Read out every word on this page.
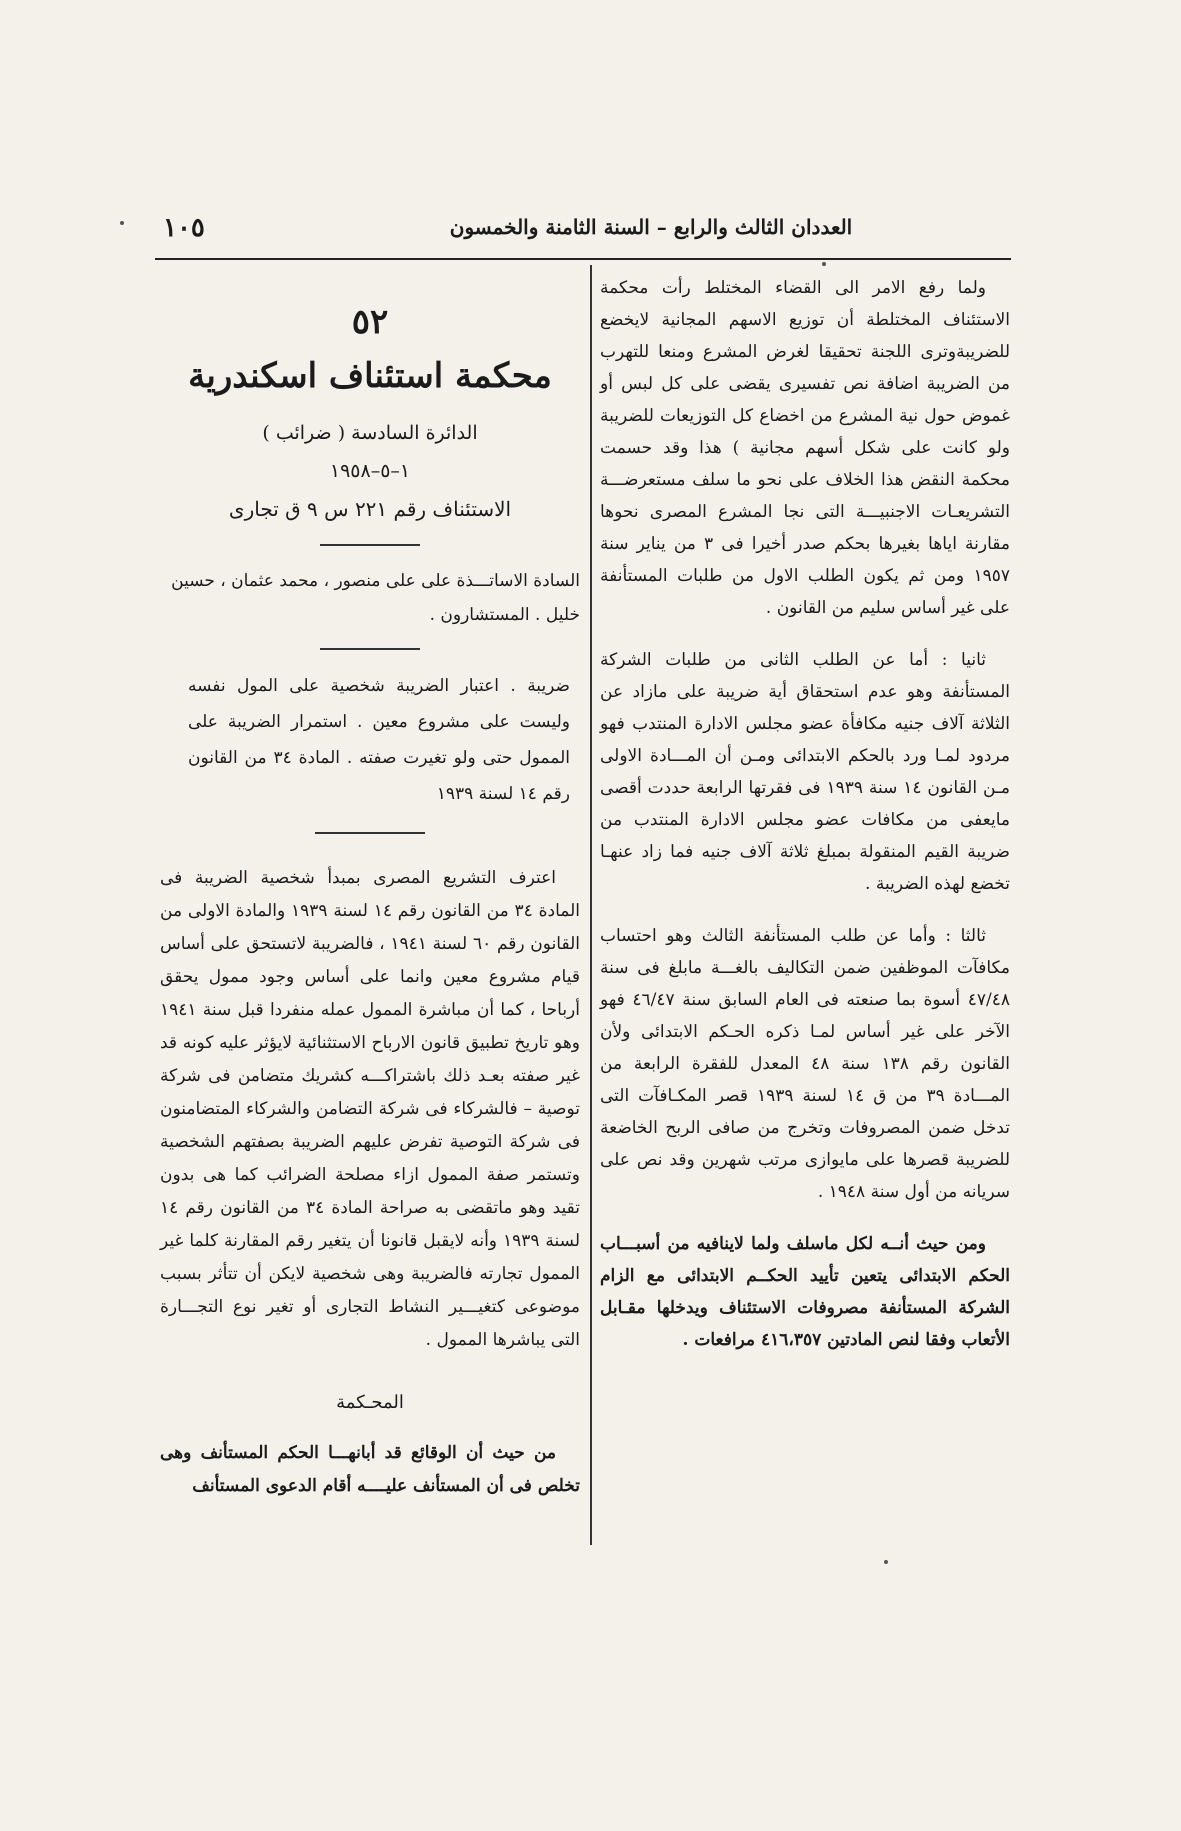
العددان الثالث والرابع – السنة الثامنة والخمسون
١٠٥

ولما رفع الامر الى القضاء المختلط رأت محكمة الاستئناف المختلطة أن توزيع الاسهم المجانية لايخضع للضريبةوترى اللجنة تحقيقا لغرض المشرع ومنعا للتهرب من الضريبة اضافة نص تفسيرى يقضى على كل لبس أو غموض حول نية المشرع من اخضاع كل التوزيعات للضريبة ولو كانت على شكل أسهم مجانية ) هذا وقد حسمت محكمة النقض هذا الخلاف على نحو ما سلف مستعرضـــة التشريعـات الاجنبيـــة التى نجا المشرع المصرى نحوها مقارنة اياها بغيرها بحكم صدر أخيرا فى ٣ من يناير سنة ١٩٥٧ ومن ثم يكون الطلب الاول من طلبات المستأنفة على غير أساس سليم من القانون .

ثانيا : أما عن الطلب الثانى من طلبات الشركة المستأنفة وهو عدم استحقاق أية ضريبة على مازاد عن الثلاثة آلاف جنيه مكافأة عضو مجلس الادارة المنتدب فهو مردود لمـا ورد بالحكم الابتدائى ومـن أن المـــادة الاولى مـن القانون ١٤ سنة ١٩٣٩ فى فقرتها الرابعة حددت أقصى مايعفى من مكافات عضو مجلس الادارة المنتدب من ضريبة القيم المنقولة بمبلغ ثلاثة آلاف جنيه فما زاد عنهـا تخضع لهذه الضريبة .

ثالثا : وأما عن طلب المستأنفة الثالث وهو احتساب مكافآت الموظفين ضمن التكاليف بالغـــة مابلغ فى سنة ٤٧/٤٨ أسوة بما صنعته فى العام السابق سنة ٤٦/٤٧ فهو الآخر على غير أساس لمـا ذكره الحـكم الابتدائى ولأن القانون رقم ١٣٨ سنة ٤٨ المعدل للفقرة الرابعة من المـــادة ٣٩ من ق ١٤ لسنة ١٩٣٩ قصر المكـافآت التى تدخل ضمن المصروفات وتخرج من صافى الربح الخاضعة للضريبة قصرها على مايوازى مرتب شهرين وقد نص على سريانه من أول سنة ١٩٤٨ .

ومن حيث أنــه لكل ماسلف ولما لاينافيه من أسبـــاب الحكم الابتدائى يتعين تأييد الحكــم الابتدائى مع الزام الشركة المستأنفة مصروفات الاستئناف ويدخلها مقـابل الأتعاب وفقا لنص المادتين ٤١٦،٣٥٧ مرافعات .

٥٢
محكمة استئناف اسكندرية
الدائرة السادسة ( ضرائب )
١–٥–١٩٥٨
الاستئناف رقم ٢٢١ س ٩ ق تجارى
السادة الاساتـــذة على على منصور ، محمد عثمان ، حسين خليل . المستشارون .
ضريبة . اعتبار الضريبة شخصية على المول نفسه وليست على مشروع معين . استمرار الضريبة على الممول حتى ولو تغيرت صفته . المادة ٣٤ من القانون رقم ١٤ لسنة ١٩٣٩
اعترف التشريع المصرى بمبدأ شخصية الضريبة فى المادة ٣٤ من القانون رقم ١٤ لسنة ١٩٣٩ والمادة الاولى من القانون رقم ٦٠ لسنة ١٩٤١ ، فالضريبة لاتستحق على أساس قيام مشروع معين وانما على أساس وجود ممول يحقق أرباحا ، كما أن مباشرة الممول عمله منفردا قبل سنة ١٩٤١ وهو تاريخ تطبيق قانون الارباح الاستثنائية لايؤثر عليه كونه قد غير صفته بعـد ذلك باشتراكـــه كشريك متضامن فى شركة توصية – فالشركاء فى شركة التضامن والشركاء المتضامنون فى شركة التوصية تفرض عليهم الضريبة بصفتهم الشخصية وتستمر صفة الممول ازاء مصلحة الضرائب كما هى بدون تقيد وهو ماتقضى به صراحة المادة ٣٤ من القانون رقم ١٤ لسنة ١٩٣٩ وأنه لايقبل قانونا أن يتغير رقم المقارنة كلما غير الممول تجارته فالضريبة وهى شخصية لايكن أن تتأثر بسبب موضوعى كتغيـــير النشاط التجارى أو تغير نوع التجـــارة التى يباشرها الممول .
المحـكمة
من حيث أن الوقائع قد أبانهـــا الحكم المستأنف وهى تخلص فى أن المستأنف عليــــه أقام الدعوى المستأنف
